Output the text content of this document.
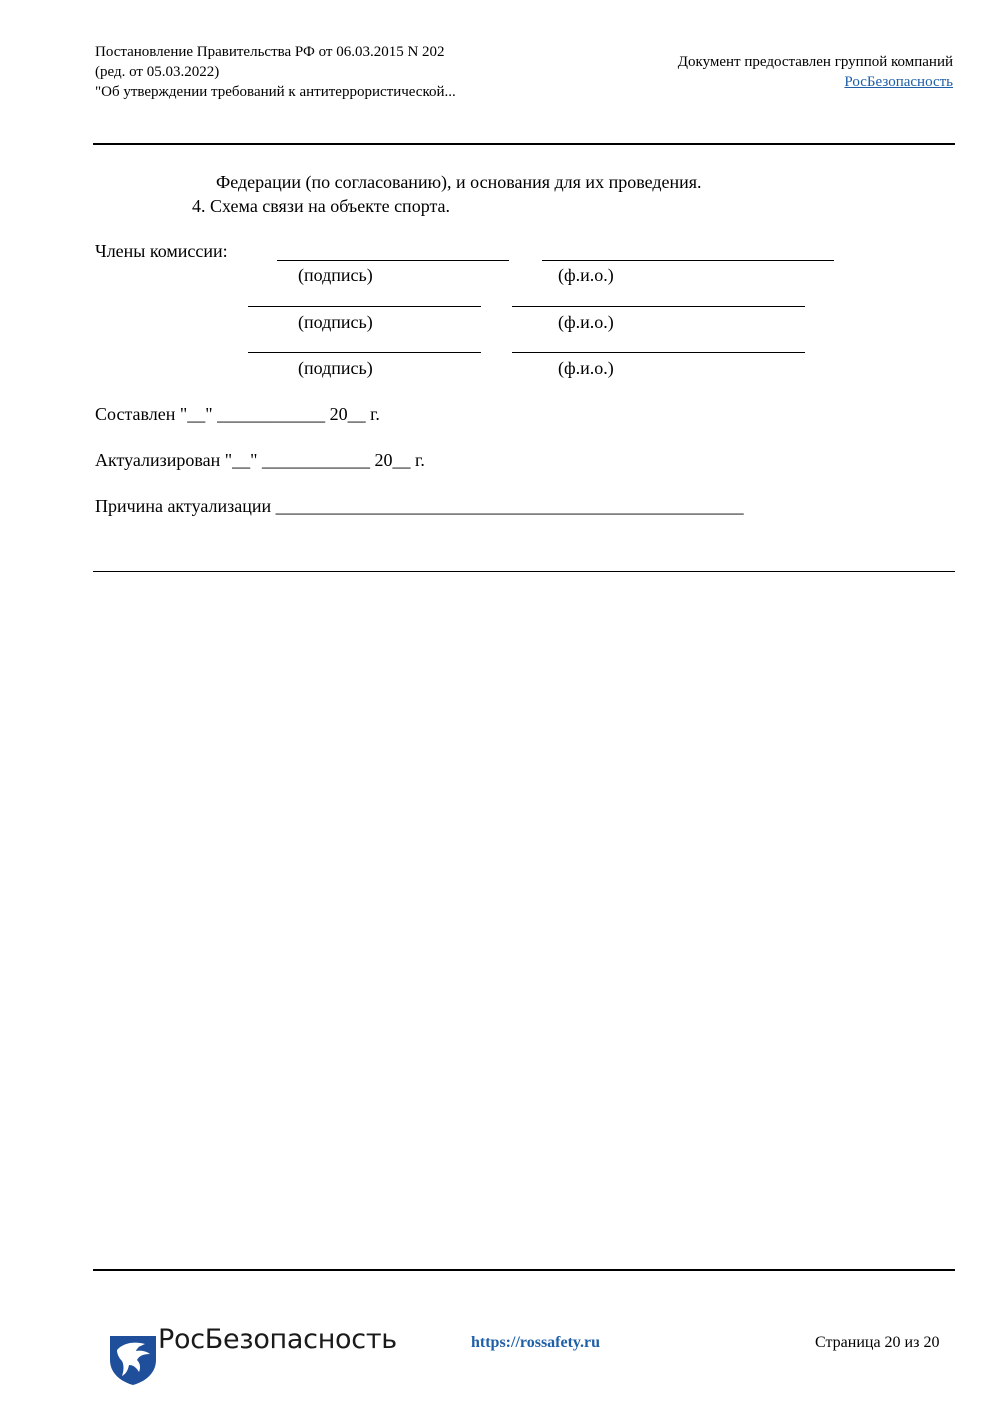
Постановление Правительства РФ от 06.03.2015 N 202
(ред. от 05.03.2022)
"Об утверждении требований к антитеррористической...
Документ предоставлен группой компаний
РосБезопасность
Федерации (по согласованию), и основания для их проведения.
4. Схема связи на объекте спорта.
Члены комиссии:
(подпись)	(ф.и.о.)
(подпись)	(ф.и.о.)
(подпись)	(ф.и.о.)
Составлен "__" ____________ 20__ г.
Актуализирован "__" ____________ 20__ г.
Причина актуализации ____________________________________________________

РосБезопасность	https://rossafety.ru	Страница 20 из 20
